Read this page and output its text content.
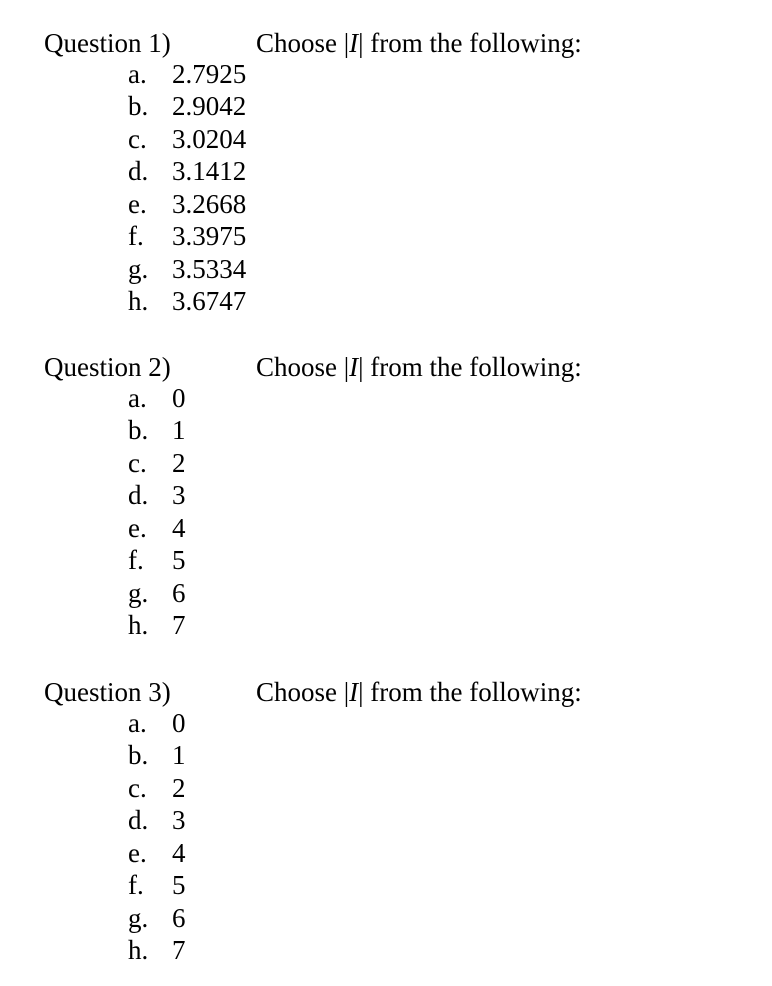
Question 1)	Choose |I| from the following:
a. 2.7925
b. 2.9042
c. 3.0204
d. 3.1412
e. 3.2668
f. 3.3975
g. 3.5334
h. 3.6747
Question 2)	Choose |I| from the following:
a. 0
b. 1
c. 2
d. 3
e. 4
f. 5
g. 6
h. 7
Question 3)	Choose |I| from the following:
a. 0
b. 1
c. 2
d. 3
e. 4
f. 5
g. 6
h. 7
